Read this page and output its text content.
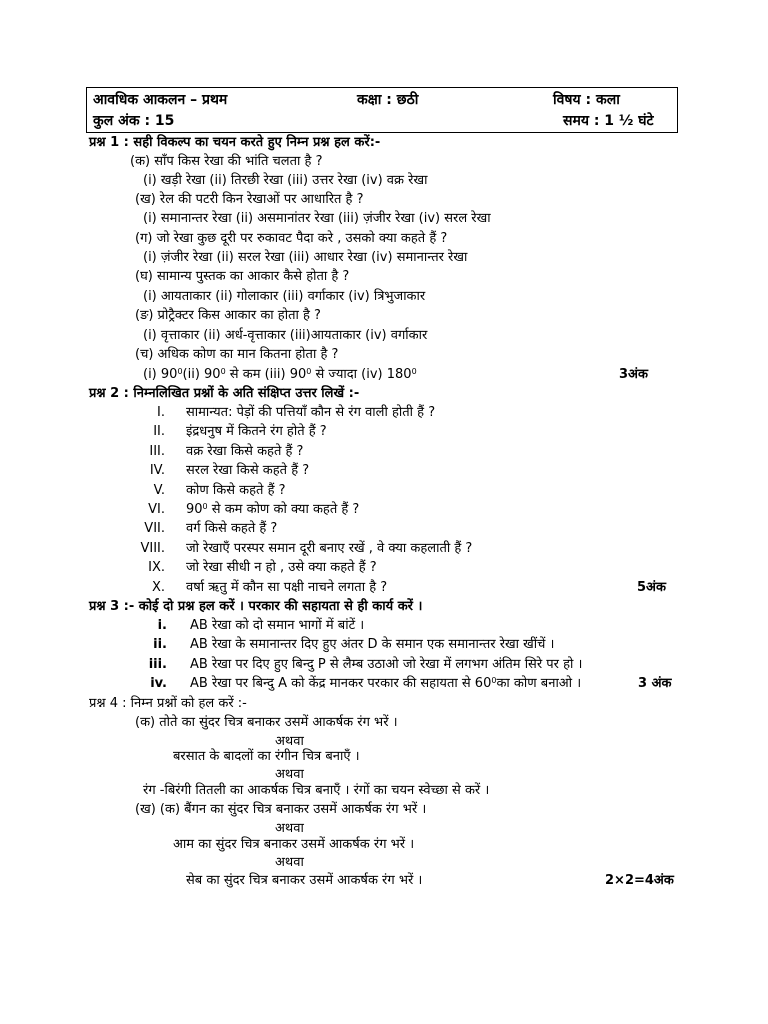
आवधिक आकलन – प्रथम	कक्षा : छठी	विषय : कला
कुल अंक : 15	समय : 1 ½ घंटे
प्रश्न 1 : सही विकल्प का चयन करते हुए निम्न प्रश्न हल करें:-
(क) साँप किस रेखा की भांति चलता है ?
(i) खड़ी रेखा (ii) तिरछी रेखा (iii) उत्तर रेखा (iv) वक्र रेखा
(ख) रेल की पटरी किन रेखाओं पर आधारित है ?
(i) समानान्तर रेखा (ii) असमानांतर रेखा (iii) ज़ंजीर रेखा (iv) सरल रेखा
(ग) जो रेखा कुछ दूरी पर रुकावट पैदा करे , उसको क्या कहते हैं ?
(i) ज़ंजीर रेखा (ii) सरल रेखा (iii) आधार रेखा (iv) समानान्तर रेखा
(घ) सामान्य पुस्तक का आकार कैसे होता है ?
(i) आयताकार (ii) गोलाकार (iii) वर्गाकार (iv) त्रिभुजाकार
(ङ) प्रोट्रैक्टर किस आकार का होता है ?
(i) वृत्ताकार (ii) अर्ध-वृत्ताकार (iii)आयताकार (iv) वर्गाकार
(च) अधिक कोण का मान कितना होता है ?
(i) $90^0(ii)$ $90^0$ से कम (iii) $90^0$ से ज्यादा (iv) $180^0$	3अंक
प्रश्न 2 : निम्नलिखित प्रश्नों के अति संक्षिप्त उत्तर लिखें :-
I. सामान्यत: पेड़ों की पत्तियाँ कौन से रंग वाली होती हैं ?
II. इंद्रधनुष में कितने रंग होते हैं ?
III. वक्र रेखा किसे कहते हैं ?
IV. सरल रेखा किसे कहते हैं ?
V. कोण किसे कहते हैं ?
VI. $90^0$ से कम कोण को क्या कहते हैं ?
VII. वर्ग किसे कहते हैं ?
VIII. जो रेखाएँ परस्पर समान दूरी बनाए रखें , वे क्या कहलाती हैं ?
IX. जो रेखा सीधी न हो , उसे क्या कहते हैं ?
X. वर्षा ऋतु में कौन सा पक्षी नाचने लगता है ?	5अंक
प्रश्न 3 :- कोई दो प्रश्न हल करें । परकार की सहायता से ही कार्य करें ।
i. AB रेखा को दो समान भागों में बांटें ।
ii. AB रेखा के समानान्तर दिए हुए अंतर D के समान एक समानान्तर रेखा खींचें ।
iii. AB रेखा पर दिए हुए बिन्दु P से लैम्ब उठाओ जो रेखा में लगभग अंतिम सिरे पर हो ।
iv. AB रेखा पर बिन्दु A को केंद्र मानकर परकार की सहायता से $60^0का$ कोण बनाओ ।	3 अंक
प्रश्न 4 : निम्न प्रश्नों को हल करें :-
(क) तोते का सुंदर चित्र बनाकर उसमें आकर्षक रंग भरें ।
अथवा
बरसात के बादलों का रंगीन चित्र बनाएँ ।
अथवा
रंग -बिरंगी तितली का आकर्षक चित्र बनाएँ । रंगों का चयन स्वेच्छा से करें ।
(ख) (क) बैंगन का सुंदर चित्र बनाकर उसमें आकर्षक रंग भरें ।
अथवा
आम का सुंदर चित्र बनाकर उसमें आकर्षक रंग भरें ।
अथवा
सेब का सुंदर चित्र बनाकर उसमें आकर्षक रंग भरें ।	2×2=4अंक
